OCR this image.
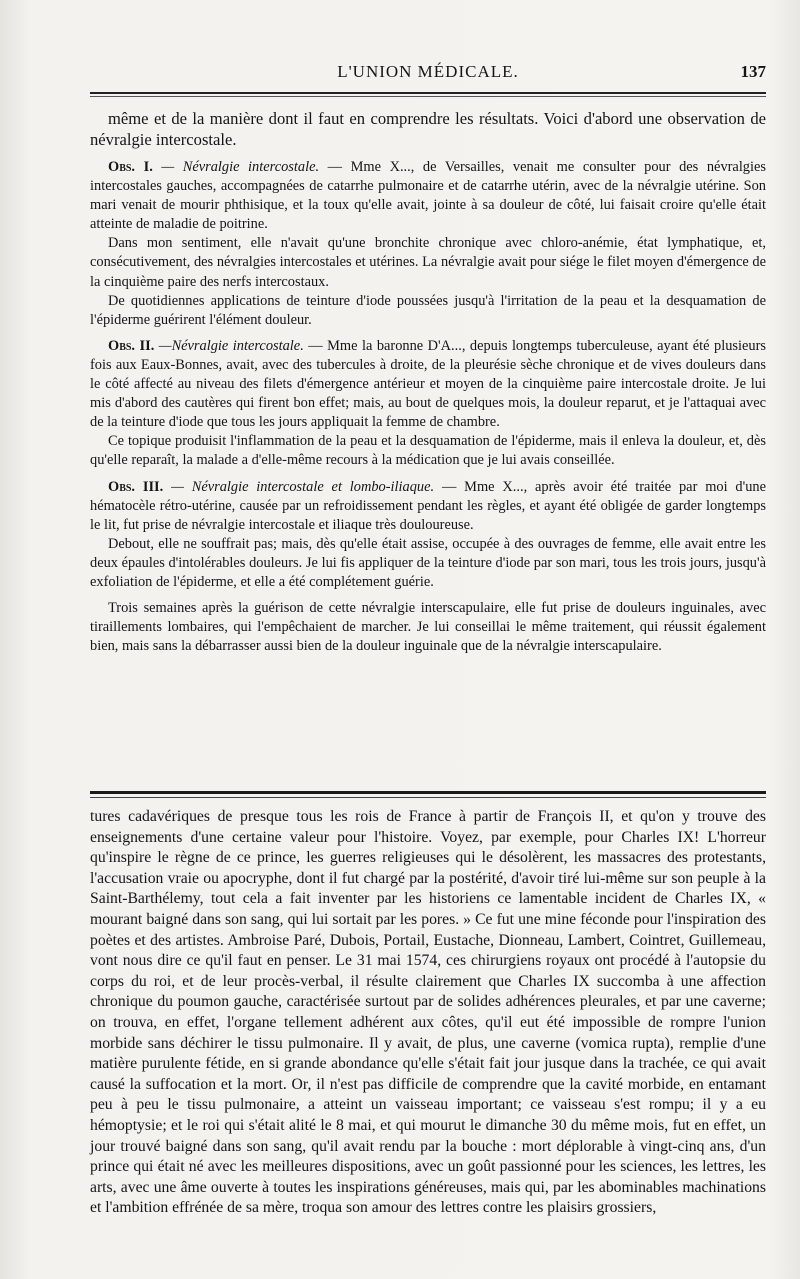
L'UNION MÉDICALE.	137

même et de la manière dont il faut en comprendre les résultats. Voici d'abord une observation de névralgie intercostale.

Obs. I. — Névralgie intercostale. — Mme X..., de Versailles, venait me consulter pour des névralgies intercostales gauches, accompagnées de catarrhe pulmonaire et de catarrhe utérin, avec de la névralgie utérine. Son mari venait de mourir phthisique, et la toux qu'elle avait, jointe à sa douleur de côté, lui faisait croire qu'elle était atteinte de maladie de poitrine.

Dans mon sentiment, elle n'avait qu'une bronchite chronique avec chloro-anémie, état lymphatique, et, consécutivement, des névralgies intercostales et utérines. La névralgie avait pour siége le filet moyen d'émergence de la cinquième paire des nerfs intercostaux.

De quotidiennes applications de teinture d'iode poussées jusqu'à l'irritation de la peau et la desquamation de l'épiderme guérirent l'élément douleur.

Obs. II. —Névralgie intercostale. — Mme la baronne D'A..., depuis longtemps tuberculeuse, ayant été plusieurs fois aux Eaux-Bonnes, avait, avec des tubercules à droite, de la pleurésie sèche chronique et de vives douleurs dans le côté affecté au niveau des filets d'émergence antérieur et moyen de la cinquième paire intercostale droite. Je lui mis d'abord des cautères qui firent bon effet; mais, au bout de quelques mois, la douleur reparut, et je l'attaquai avec de la teinture d'iode que tous les jours appliquait la femme de chambre.

Ce topique produisit l'inflammation de la peau et la desquamation de l'épiderme, mais il enleva la douleur, et, dès qu'elle reparaît, la malade a d'elle-même recours à la médication que je lui avais conseillée.

Obs. III. — Névralgie intercostale et lombo-iliaque. — Mme X..., après avoir été traitée par moi d'une hématocèle rétro-utérine, causée par un refroidissement pendant les règles, et ayant été obligée de garder longtemps le lit, fut prise de névralgie intercostale et iliaque très douloureuse.

Debout, elle ne souffrait pas; mais, dès qu'elle était assise, occupée à des ouvrages de femme, elle avait entre les deux épaules d'intolérables douleurs. Je lui fis appliquer de la teinture d'iode par son mari, tous les trois jours, jusqu'à exfoliation de l'épiderme, et elle a été complétement guérie.

Trois semaines après la guérison de cette névralgie interscapulaire, elle fut prise de douleurs inguinales, avec tiraillements lombaires, qui l'empêchaient de marcher. Je lui conseillai le même traitement, qui réussit également bien, mais sans la débarrasser aussi bien de la douleur inguinale que de la névralgie interscapulaire.

tures cadavériques de presque tous les rois de France à partir de François II, et qu'on y trouve des enseignements d'une certaine valeur pour l'histoire. Voyez, par exemple, pour Charles IX! L'horreur qu'inspire le règne de ce prince, les guerres religieuses qui le désolèrent, les massacres des protestants, l'accusation vraie ou apocryphe, dont il fut chargé par la postérité, d'avoir tiré lui-même sur son peuple à la Saint-Barthélemy, tout cela a fait inventer par les historiens ce lamentable incident de Charles IX, « mourant baigné dans son sang, qui lui sortait par les pores. » Ce fut une mine féconde pour l'inspiration des poètes et des artistes. Ambroise Paré, Dubois, Portail, Eustache, Dionneau, Lambert, Cointret, Guillemeau, vont nous dire ce qu'il faut en penser. Le 31 mai 1574, ces chirurgiens royaux ont procédé à l'autopsie du corps du roi, et de leur procès-verbal, il résulte clairement que Charles IX succomba à une affection chronique du poumon gauche, caractérisée surtout par de solides adhérences pleurales, et par une caverne; on trouva, en effet, l'organe tellement adhérent aux côtes, qu'il eut été impossible de rompre l'union morbide sans déchirer le tissu pulmonaire. Il y avait, de plus, une caverne (vomica rupta), remplie d'une matière purulente fétide, en si grande abondance qu'elle s'était fait jour jusque dans la trachée, ce qui avait causé la suffocation et la mort. Or, il n'est pas difficile de comprendre que la cavité morbide, en entamant peu à peu le tissu pulmonaire, a atteint un vaisseau important; ce vaisseau s'est rompu; il y a eu hémoptysie; et le roi qui s'était alité le 8 mai, et qui mourut le dimanche 30 du même mois, fut en effet, un jour trouvé baigné dans son sang, qu'il avait rendu par la bouche : mort déplorable à vingt-cinq ans, d'un prince qui était né avec les meilleures dispositions, avec un goût passionné pour les sciences, les lettres, les arts, avec une âme ouverte à toutes les inspirations généreuses, mais qui, par les abominables machinations et l'ambition effrénée de sa mère, troqua son amour des lettres contre les plaisirs grossiers,
